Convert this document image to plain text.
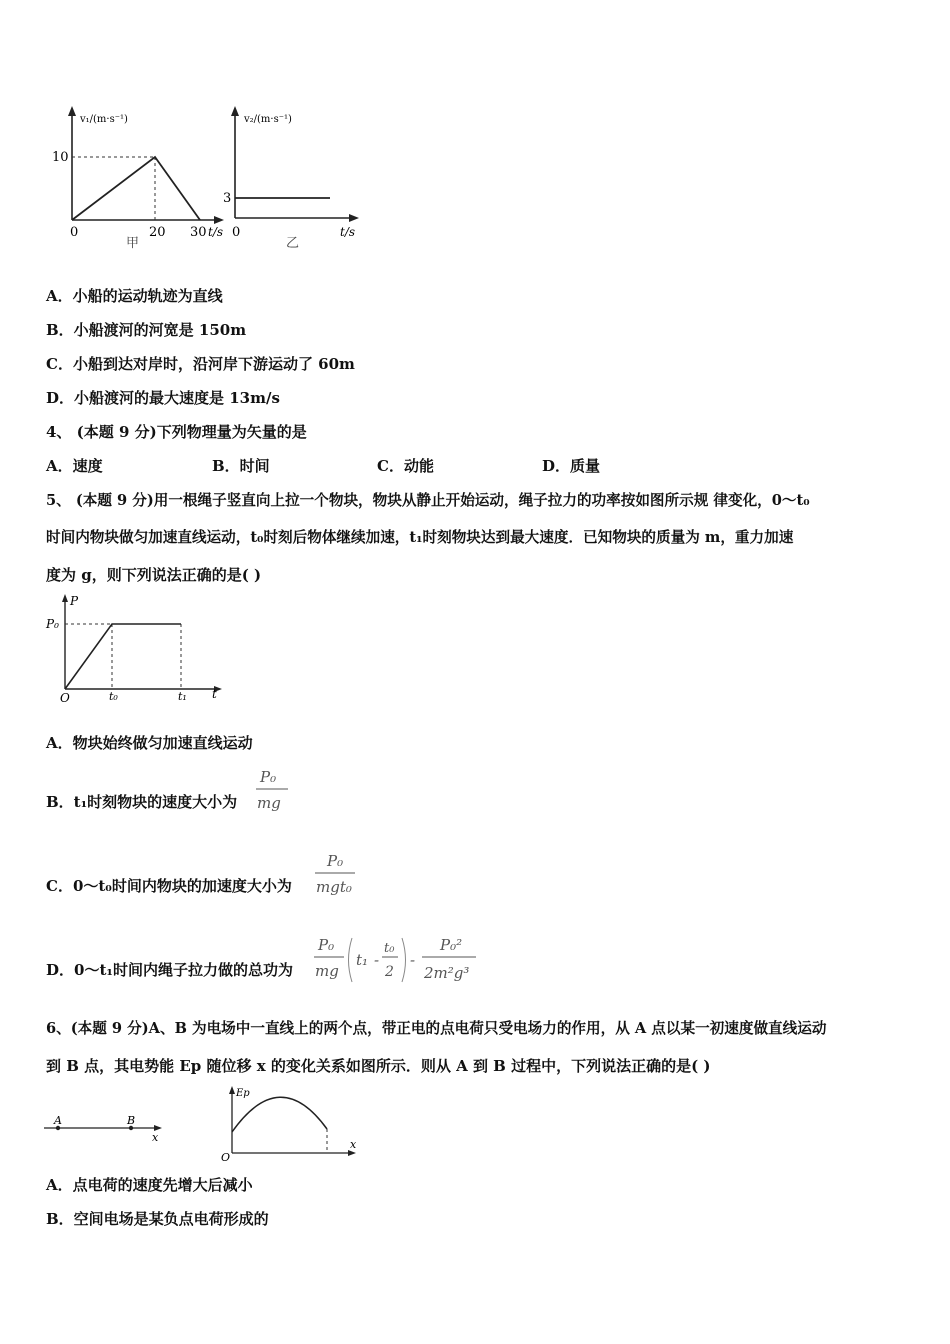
v₁/(m·s⁻¹)
10
0	20 30 t/s
甲
v₂/(m·s⁻¹)
3
0	t/s
乙
A．小船的运动轨迹为直线
B．小船渡河的河宽是 150m
C．小船到达对岸时，沿河岸下游运动了 60m
D．小船渡河的最大速度是 13m/s
4、 (本题 9 分)下列物理量为矢量的是
A．速度	B．时间	C．动能	D．质量
5、 (本题 9 分)用一根绳子竖直向上拉一个物块，物块从静止开始运动，绳子拉力的功率按如图所示规 律变化，0～t₀
时间内物块做匀加速直线运动，t₀时刻后物体继续加速，t₁时刻物块达到最大速度．已知物块的质量为 m，重力加速
度为 g，则下列说法正确的是( )
P
P₀
O	t₀	t₁ t
A．物块始终做匀加速直线运动
B．t₁时刻物块的速度大小为
P₀
mg
C．0～t₀时间内物块的加速度大小为
P₀
mgt₀
D．0～t₁时间内绳子拉力做的总功为
P₀
mg
t₁ -
t₀
2
-
P₀²
2m²g³
6、(本题 9 分)A、B 为电场中一直线上的两个点，带正电的点电荷只受电场力的作用，从 A 点以某一初速度做直线运动
到 B 点，其电势能 Ep 随位移 x 的变化关系如图所示．则从 A 到 B 过程中，下列说法正确的是( )
A	B
x
Ep
O
x
A．点电荷的速度先增大后减小
B．空间电场是某负点电荷形成的
